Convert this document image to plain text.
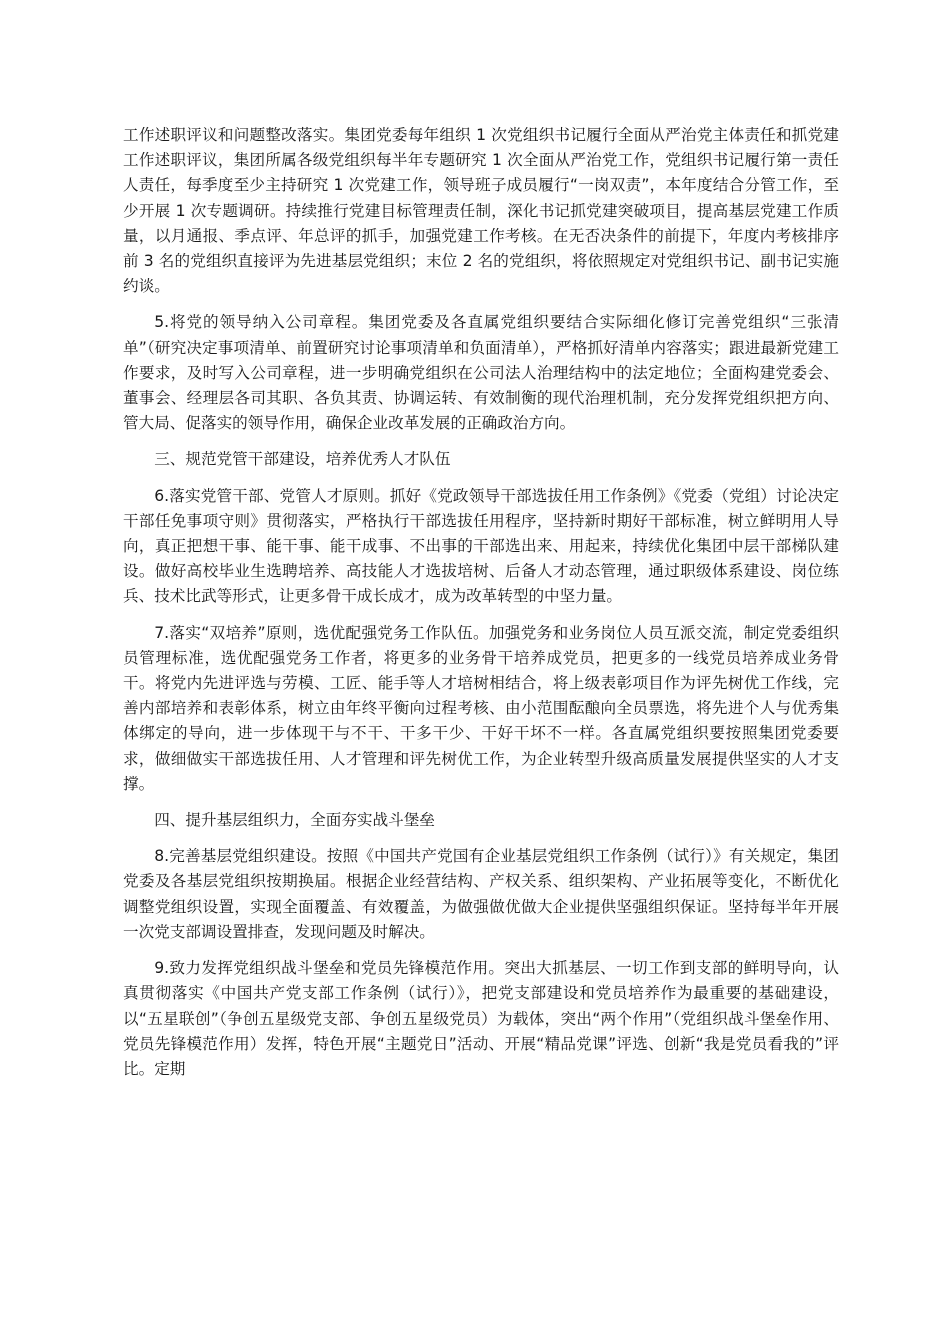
工作述职评议和问题整改落实。集团党委每年组织 1 次党组织书记履行全面从严治党主体责任和抓党建工作述职评议，集团所属各级党组织每半年专题研究 1 次全面从严治党工作，党组织书记履行第一责任人责任，每季度至少主持研究 1 次党建工作，领导班子成员履行“一岗双责”，本年度结合分管工作，至少开展 1 次专题调研。持续推行党建目标管理责任制，深化书记抓党建突破项目，提高基层党建工作质量，以月通报、季点评、年总评的抓手，加强党建工作考核。在无否决条件的前提下，年度内考核排序前 3 名的党组织直接评为先进基层党组织；末位 2 名的党组织，将依照规定对党组织书记、副书记实施约谈。

5.将党的领导纳入公司章程。集团党委及各直属党组织要结合实际细化修订完善党组织“三张清单”（研究决定事项清单、前置研究讨论事项清单和负面清单），严格抓好清单内容落实；跟进最新党建工作要求，及时写入公司章程，进一步明确党组织在公司法人治理结构中的法定地位；全面构建党委会、董事会、经理层各司其职、各负其责、协调运转、有效制衡的现代治理机制，充分发挥党组织把方向、管大局、促落实的领导作用，确保企业改革发展的正确政治方向。

三、规范党管干部建设，培养优秀人才队伍

6.落实党管干部、党管人才原则。抓好《党政领导干部选拔任用工作条例》《党委（党组）讨论决定干部任免事项守则》贯彻落实，严格执行干部选拔任用程序，坚持新时期好干部标准，树立鲜明用人导向，真正把想干事、能干事、能干成事、不出事的干部选出来、用起来，持续优化集团中层干部梯队建设。做好高校毕业生选聘培养、高技能人才选拔培树、后备人才动态管理，通过职级体系建设、岗位练兵、技术比武等形式，让更多骨干成长成才，成为改革转型的中坚力量。

7.落实“双培养”原则，选优配强党务工作队伍。加强党务和业务岗位人员互派交流，制定党委组织员管理标准，选优配强党务工作者，将更多的业务骨干培养成党员，把更多的一线党员培养成业务骨干。将党内先进评选与劳模、工匠、能手等人才培树相结合，将上级表彰项目作为评先树优工作线，完善内部培养和表彰体系，树立由年终平衡向过程考核、由小范围酝酿向全员票选，将先进个人与优秀集体绑定的导向，进一步体现干与不干、干多干少、干好干坏不一样。各直属党组织要按照集团党委要求，做细做实干部选拔任用、人才管理和评先树优工作，为企业转型升级高质量发展提供坚实的人才支撑。

四、提升基层组织力，全面夯实战斗堡垒

8.完善基层党组织建设。按照《中国共产党国有企业基层党组织工作条例（试行）》有关规定，集团党委及各基层党组织按期换届。根据企业经营结构、产权关系、组织架构、产业拓展等变化，不断优化调整党组织设置，实现全面覆盖、有效覆盖，为做强做优做大企业提供坚强组织保证。坚持每半年开展一次党支部调设置排查，发现问题及时解决。

9.致力发挥党组织战斗堡垒和党员先锋模范作用。突出大抓基层、一切工作到支部的鲜明导向，认真贯彻落实《中国共产党支部工作条例（试行）》，把党支部建设和党员培养作为最重要的基础建设，以“五星联创”（争创五星级党支部、争创五星级党员）为载体，突出“两个作用”（党组织战斗堡垒作用、党员先锋模范作用）发挥，特色开展“主题党日”活动、开展“精品党课”评选、创新“我是党员看我的”评比。定期
